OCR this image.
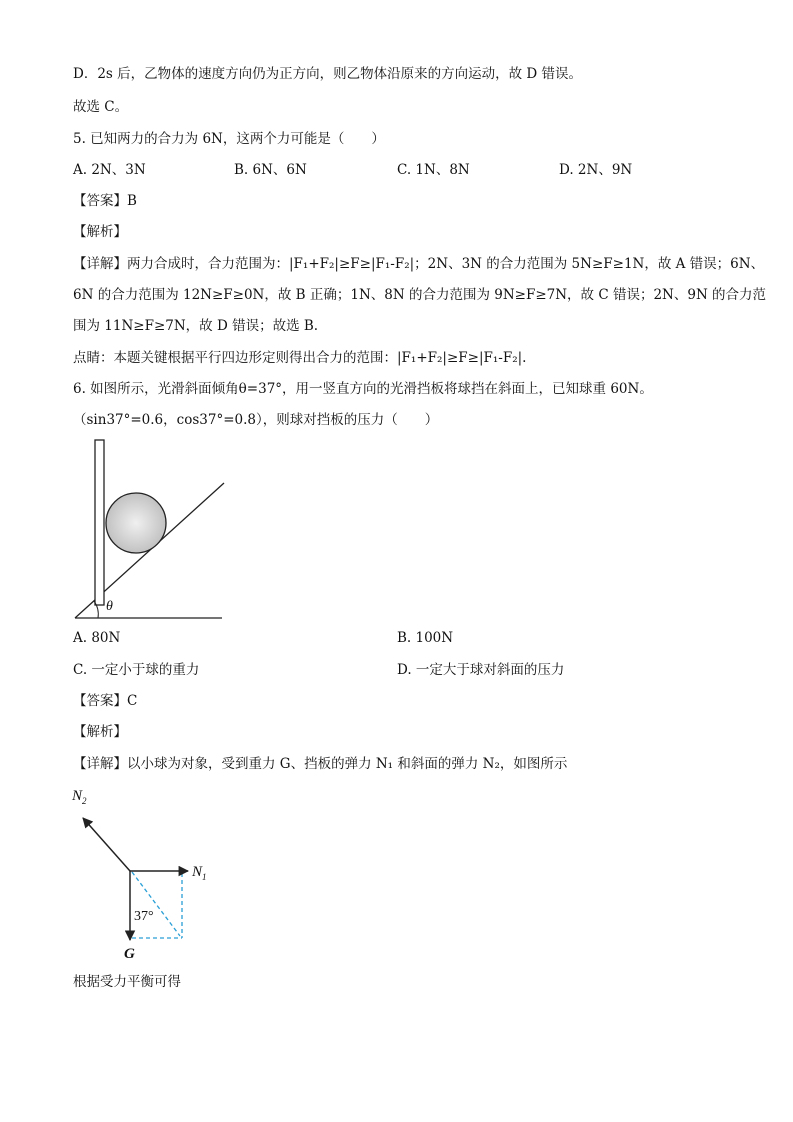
D．2s 后，乙物体的速度方向仍为正方向，则乙物体沿原来的方向运动，故 D 错误。
故选 C。
5. 已知两力的合力为 6N，这两个力可能是（　　）
A. 2N、3N	B. 6N、6N	C. 1N、8N	D. 2N、9N
【答案】B
【解析】
【详解】两力合成时，合力范围为：|F₁+F₂|≥F≥|F₁-F₂|；2N、3N 的合力范围为 5N≥F≥1N，故 A 错误；6N、
6N 的合力范围为 12N≥F≥0N，故 B 正确；1N、8N 的合力范围为 9N≥F≥7N，故 C 错误；2N、9N 的合力范
围为 11N≥F≥7N，故 D 错误；故选 B.
点睛：本题关键根据平行四边形定则得出合力的范围：|F₁+F₂|≥F≥|F₁-F₂|.
6. 如图所示，光滑斜面倾角θ=37°，用一竖直方向的光滑挡板将球挡在斜面上，已知球重 60N。
（sin37°=0.6，cos37°=0.8），则球对挡板的压力（　　）
θ
A. 80N	B. 100N
C. 一定小于球的重力	D. 一定大于球对斜面的压力
【答案】C
【解析】
【详解】以小球为对象，受到重力 G、挡板的弹力 N₁ 和斜面的弹力 N₂，如图所示
$N_2$
$N_1$
37°
G
根据受力平衡可得
